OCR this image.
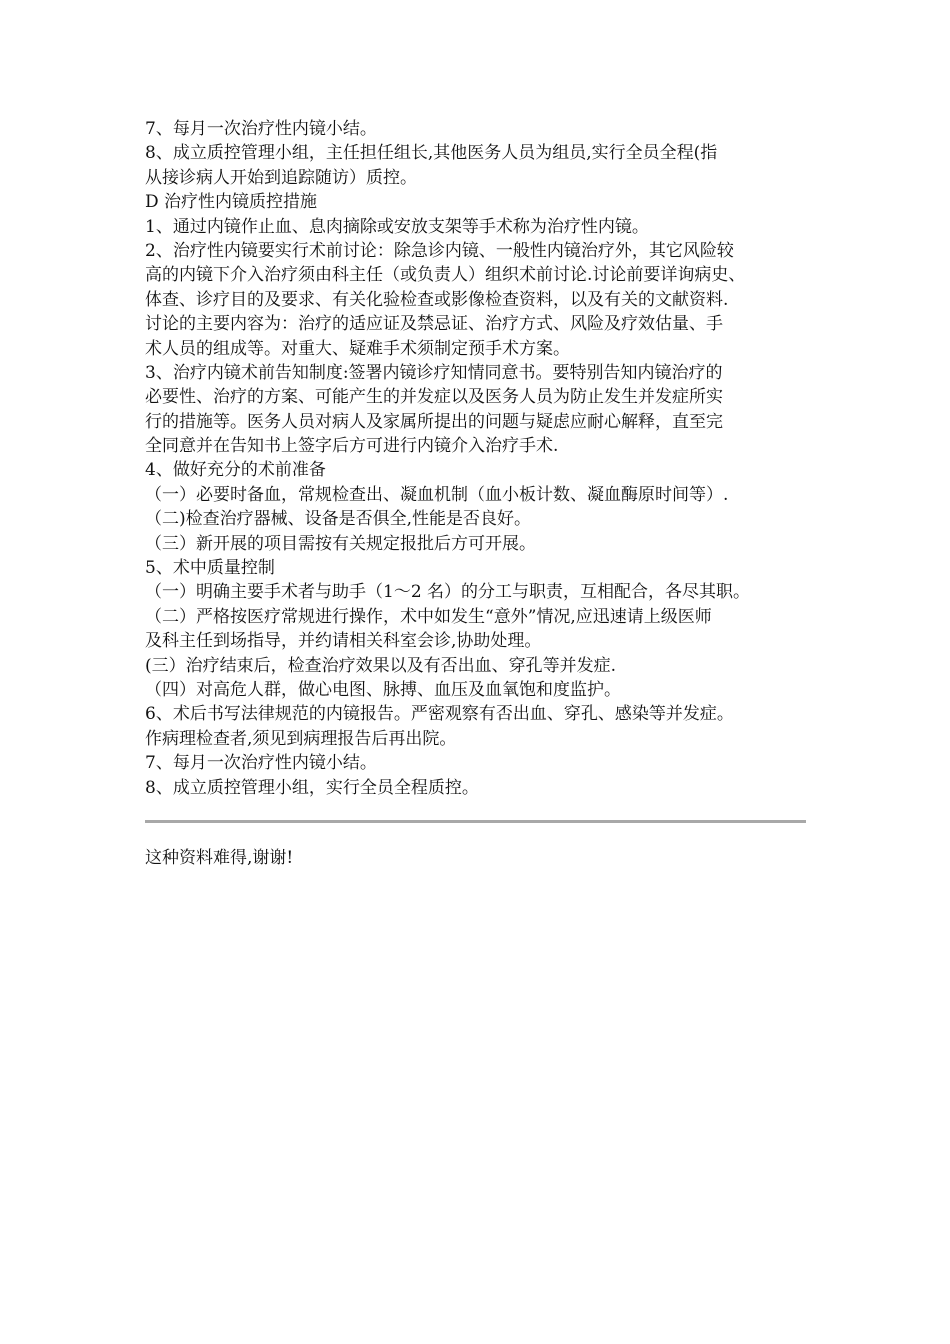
7、每月一次治疗性内镜小结。
8、成立质控管理小组，主任担任组长,其他医务人员为组员,实行全员全程(指
从接诊病人开始到追踪随访）质控。
D 治疗性内镜质控措施
1、通过内镜作止血、息肉摘除或安放支架等手术称为治疗性内镜。
2、治疗性内镜要实行术前讨论：除急诊内镜、一般性内镜治疗外，其它风险较
高的内镜下介入治疗须由科主任（或负责人）组织术前讨论.讨论前要详询病史、
体查、诊疗目的及要求、有关化验检查或影像检查资料，以及有关的文献资料.
讨论的主要内容为：治疗的适应证及禁忌证、治疗方式、风险及疗效估量、手
术人员的组成等。对重大、疑难手术须制定预手术方案。
3、治疗内镜术前告知制度:签署内镜诊疗知情同意书。要特别告知内镜治疗的
必要性、治疗的方案、可能产生的并发症以及医务人员为防止发生并发症所实
行的措施等。医务人员对病人及家属所提出的问题与疑虑应耐心解释，直至完
全同意并在告知书上签字后方可进行内镜介入治疗手术.
4、做好充分的术前准备
（一）必要时备血，常规检查出、凝血机制（血小板计数、凝血酶原时间等）.
（二)检查治疗器械、设备是否俱全,性能是否良好。
（三）新开展的项目需按有关规定报批后方可开展。
5、术中质量控制
（一）明确主要手术者与助手（1～2 名）的分工与职责，互相配合，各尽其职。
（二）严格按医疗常规进行操作，术中如发生“意外”情况,应迅速请上级医师
及科主任到场指导，并约请相关科室会诊,协助处理。
(三）治疗结束后，检查治疗效果以及有否出血、穿孔等并发症.
（四）对高危人群，做心电图、脉搏、血压及血氧饱和度监护。
6、术后书写法律规范的内镜报告。严密观察有否出血、穿孔、感染等并发症。
作病理检查者,须见到病理报告后再出院。
7、每月一次治疗性内镜小结。
8、成立质控管理小组，实行全员全程质控。
这种资料难得,谢谢!
